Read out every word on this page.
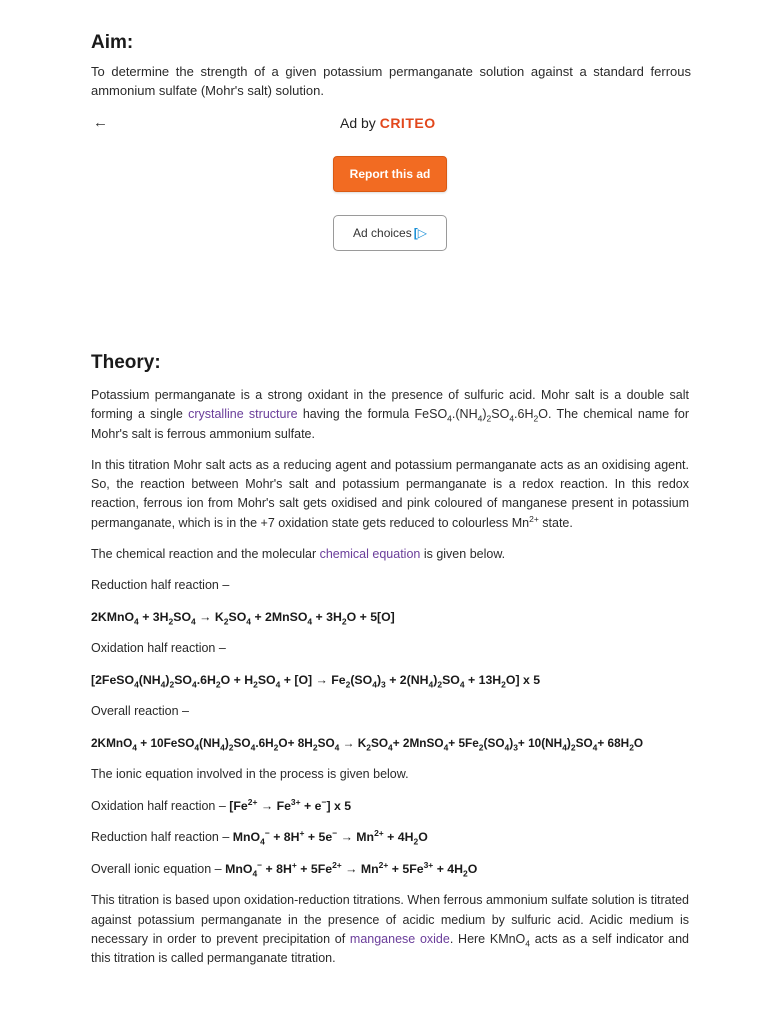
Aim:

To determine the strength of a given potassium permanganate solution against a standard ferrous ammonium sulfate (Mohr's salt) solution.

←	Ad by CRITEO
Report this ad
Ad choices [▷
Theory:

Potassium permanganate is a strong oxidant in the presence of sulfuric acid. Mohr salt is a double salt forming a single crystalline structure having the formula $FeSO_4.(NH_4)_2SO_4.6H_2O$. The chemical name for Mohr's salt is ferrous ammonium sulfate.

In this titration Mohr salt acts as a reducing agent and potassium permanganate acts as an oxidising agent. So, the reaction between Mohr's salt and potassium permanganate is a redox reaction. In this redox reaction, ferrous ion from Mohr's salt gets oxidised and pink coloured of manganese present in potassium permanganate, which is in the +7 oxidation state gets reduced to colourless $Mn^{2+}$ state.

The chemical reaction and the molecular chemical equation is given below.

Reduction half reaction –

2KMnO$_4$ + $3H_2SO_4 \to K_2SO_4$ + 2MnSO$_4$ + $3H_2O + 5[O]$

Oxidation half reaction –

$[2FeSO_4(NH_4)_2SO_4.6H_2O + H_2SO_4 + [O] \to Fe_2(SO_4)_3 + 2(NH_4)_2SO_4 + 13H_2O]$ x 5

Overall reaction –

2KMnO$_4$ + $10FeSO_4(NH_4)_2SO_4.6H_2O+ 8H_2SO_4 \to K_2SO_4+$ 2MnSO$_4$+ $5Fe_2(SO_4)_3+ 10(NH_4)_2SO_4+ 68H_2O$

The ionic equation involved in the process is given below.

Oxidation half reaction – $[Fe^{2+} \to Fe^{3+} + e^-]$ x 5

Reduction half reaction – $MnO_4^- + 8H^+ + 5e^- \to Mn^{2+} + 4H_2O$

Overall ionic equation – $MnO_4^- + 8H^+ + 5Fe^{2+} \to Mn^{2+} + 5Fe^{3+} + 4H_2O$

This titration is based upon oxidation-reduction titrations. When ferrous ammonium sulfate solution is titrated against potassium permanganate in the presence of acidic medium by sulfuric acid. Acidic medium is necessary in order to prevent precipitation of manganese oxide. Here KMnO$_4$ acts as a self indicator and this titration is called permanganate titration.
